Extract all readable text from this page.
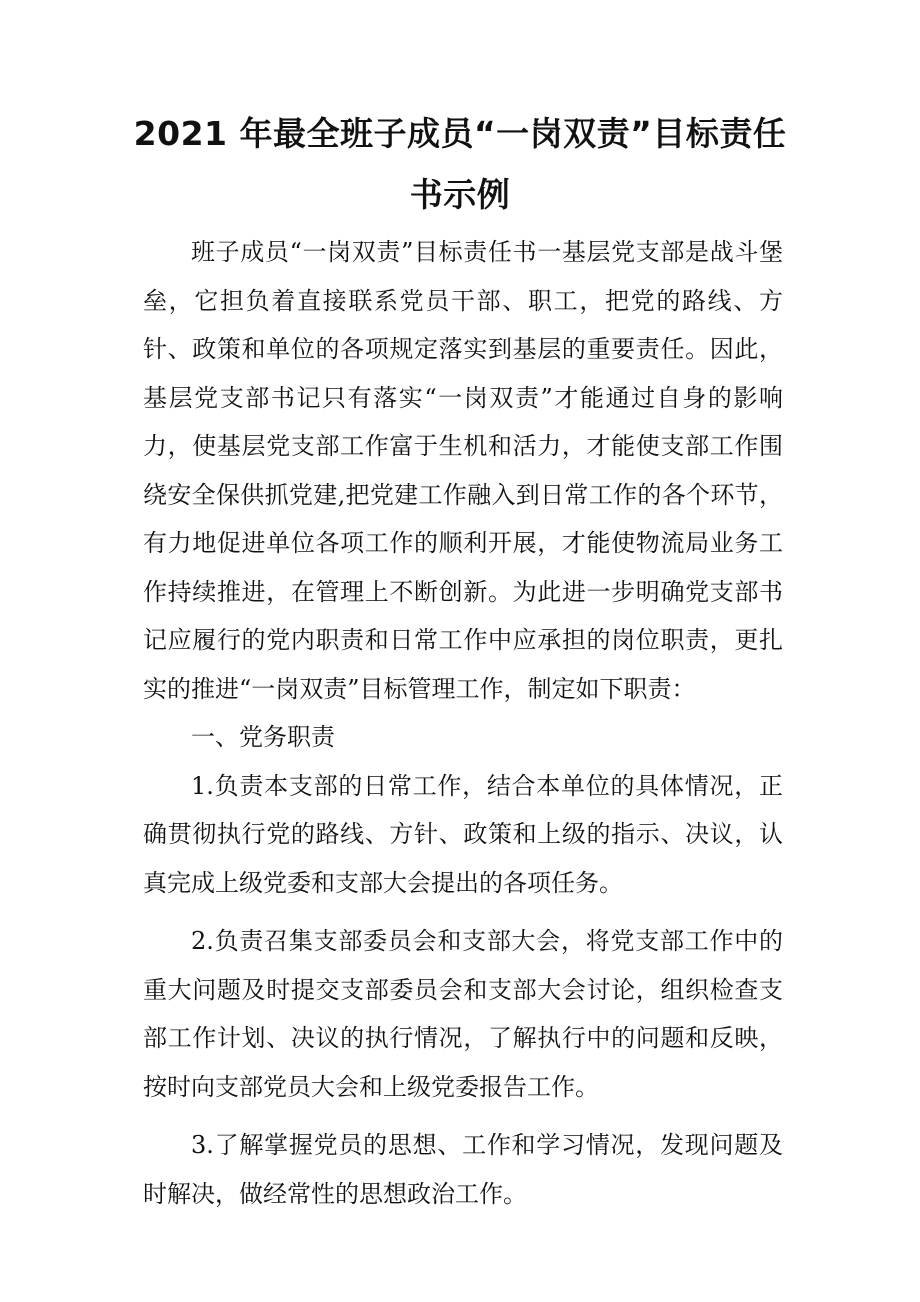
2021 年最全班子成员“一岗双责”目标责任
书示例

班子成员“一岗双责”目标责任书一基层党支部是战斗堡垒，它担负着直接联系党员干部、职工，把党的路线、方针、政策和单位的各项规定落实到基层的重要责任。因此，基层党支部书记只有落实“一岗双责”才能通过自身的影响力，使基层党支部工作富于生机和活力，才能使支部工作围绕安全保供抓党建,把党建工作融入到日常工作的各个环节，有力地促进单位各项工作的顺利开展，才能使物流局业务工作持续推进，在管理上不断创新。为此进一步明确党支部书记应履行的党内职责和日常工作中应承担的岗位职责，更扎实的推进“一岗双责”目标管理工作，制定如下职责：

一、党务职责

1.负责本支部的日常工作，结合本单位的具体情况，正确贯彻执行党的路线、方针、政策和上级的指示、决议，认真完成上级党委和支部大会提出的各项任务。

2.负责召集支部委员会和支部大会，将党支部工作中的重大问题及时提交支部委员会和支部大会讨论，组织检查支部工作计划、决议的执行情况，了解执行中的问题和反映，按时向支部党员大会和上级党委报告工作。

3.了解掌握党员的思想、工作和学习情况，发现问题及时解决，做经常性的思想政治工作。
